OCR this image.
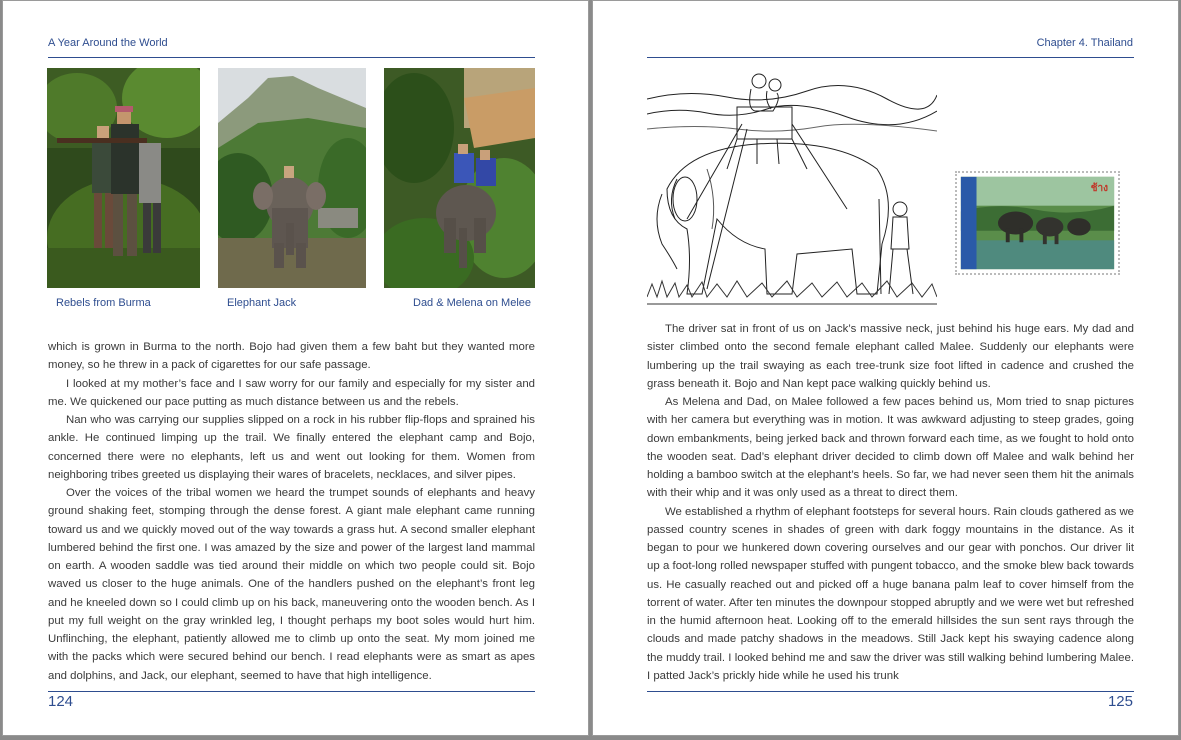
A Year Around the World
Rebels from Burma	Elephant Jack	Dad & Melena on Melee

which is grown in Burma to the north. Bojo had given them a few baht but they wanted more money, so he threw in a pack of cigarettes for our safe passage.

I looked at my mother’s face and I saw worry for our family and especially for my sister and me. We quickened our pace putting as much distance between us and the rebels.

Nan who was carrying our supplies slipped on a rock in his rubber flip-flops and sprained his ankle. He continued limping up the trail. We finally entered the elephant camp and Bojo, concerned there were no elephants, left us and went out looking for them. Women from neighboring tribes greeted us displaying their wares of bracelets, necklaces, and silver pipes.

Over the voices of the tribal women we heard the trumpet sounds of elephants and heavy ground shaking feet, stomping through the dense forest. A giant male elephant came running toward us and we quickly moved out of the way towards a grass hut. A second smaller elephant lumbered behind the first one. I was amazed by the size and power of the largest land mammal on earth. A wooden saddle was tied around their middle on which two people could sit. Bojo waved us closer to the huge animals. One of the handlers pushed on the elephant’s front leg and he kneeled down so I could climb up on his back, maneuvering onto the wooden bench. As I put my full weight on the gray wrinkled leg, I thought perhaps my boot soles would hurt him. Unflinching, the elephant, patiently allowed me to climb up onto the seat. My mom joined me with the packs which were secured behind our bench. I read elephants were as smart as apes and dolphins, and Jack, our elephant, seemed to have that high intelligence.

124
Chapter 4. Thailand
ช้าง

The driver sat in front of us on Jack’s massive neck, just behind his huge ears. My dad and sister climbed onto the second female elephant called Malee. Suddenly our elephants were lumbering up the trail swaying as each tree-trunk size foot lifted in cadence and crushed the grass beneath it. Bojo and Nan kept pace walking quickly behind us.

As Melena and Dad, on Malee followed a few paces behind us, Mom tried to snap pictures with her camera but everything was in motion. It was awkward adjusting to steep grades, going down embankments, being jerked back and thrown forward each time, as we fought to hold onto the wooden seat. Dad’s elephant driver decided to climb down off Malee and walk behind her holding a bamboo switch at the elephant’s heels. So far, we had never seen them hit the animals with their whip and it was only used as a threat to direct them.

We established a rhythm of elephant footsteps for several hours. Rain clouds gathered as we passed country scenes in shades of green with dark foggy mountains in the distance. As it began to pour we hunkered down covering ourselves and our gear with ponchos. Our driver lit up a foot-long rolled newspaper stuffed with pungent tobacco, and the smoke blew back towards us. He casually reached out and picked off a huge banana palm leaf to cover himself from the torrent of water. After ten minutes the downpour stopped abruptly and we were wet but refreshed in the humid afternoon heat. Looking off to the emerald hillsides the sun sent rays through the clouds and made patchy shadows in the meadows. Still Jack kept his swaying cadence along the muddy trail. I looked behind me and saw the driver was still walking behind lumbering Malee. I patted Jack’s prickly hide while he used his trunk

125
